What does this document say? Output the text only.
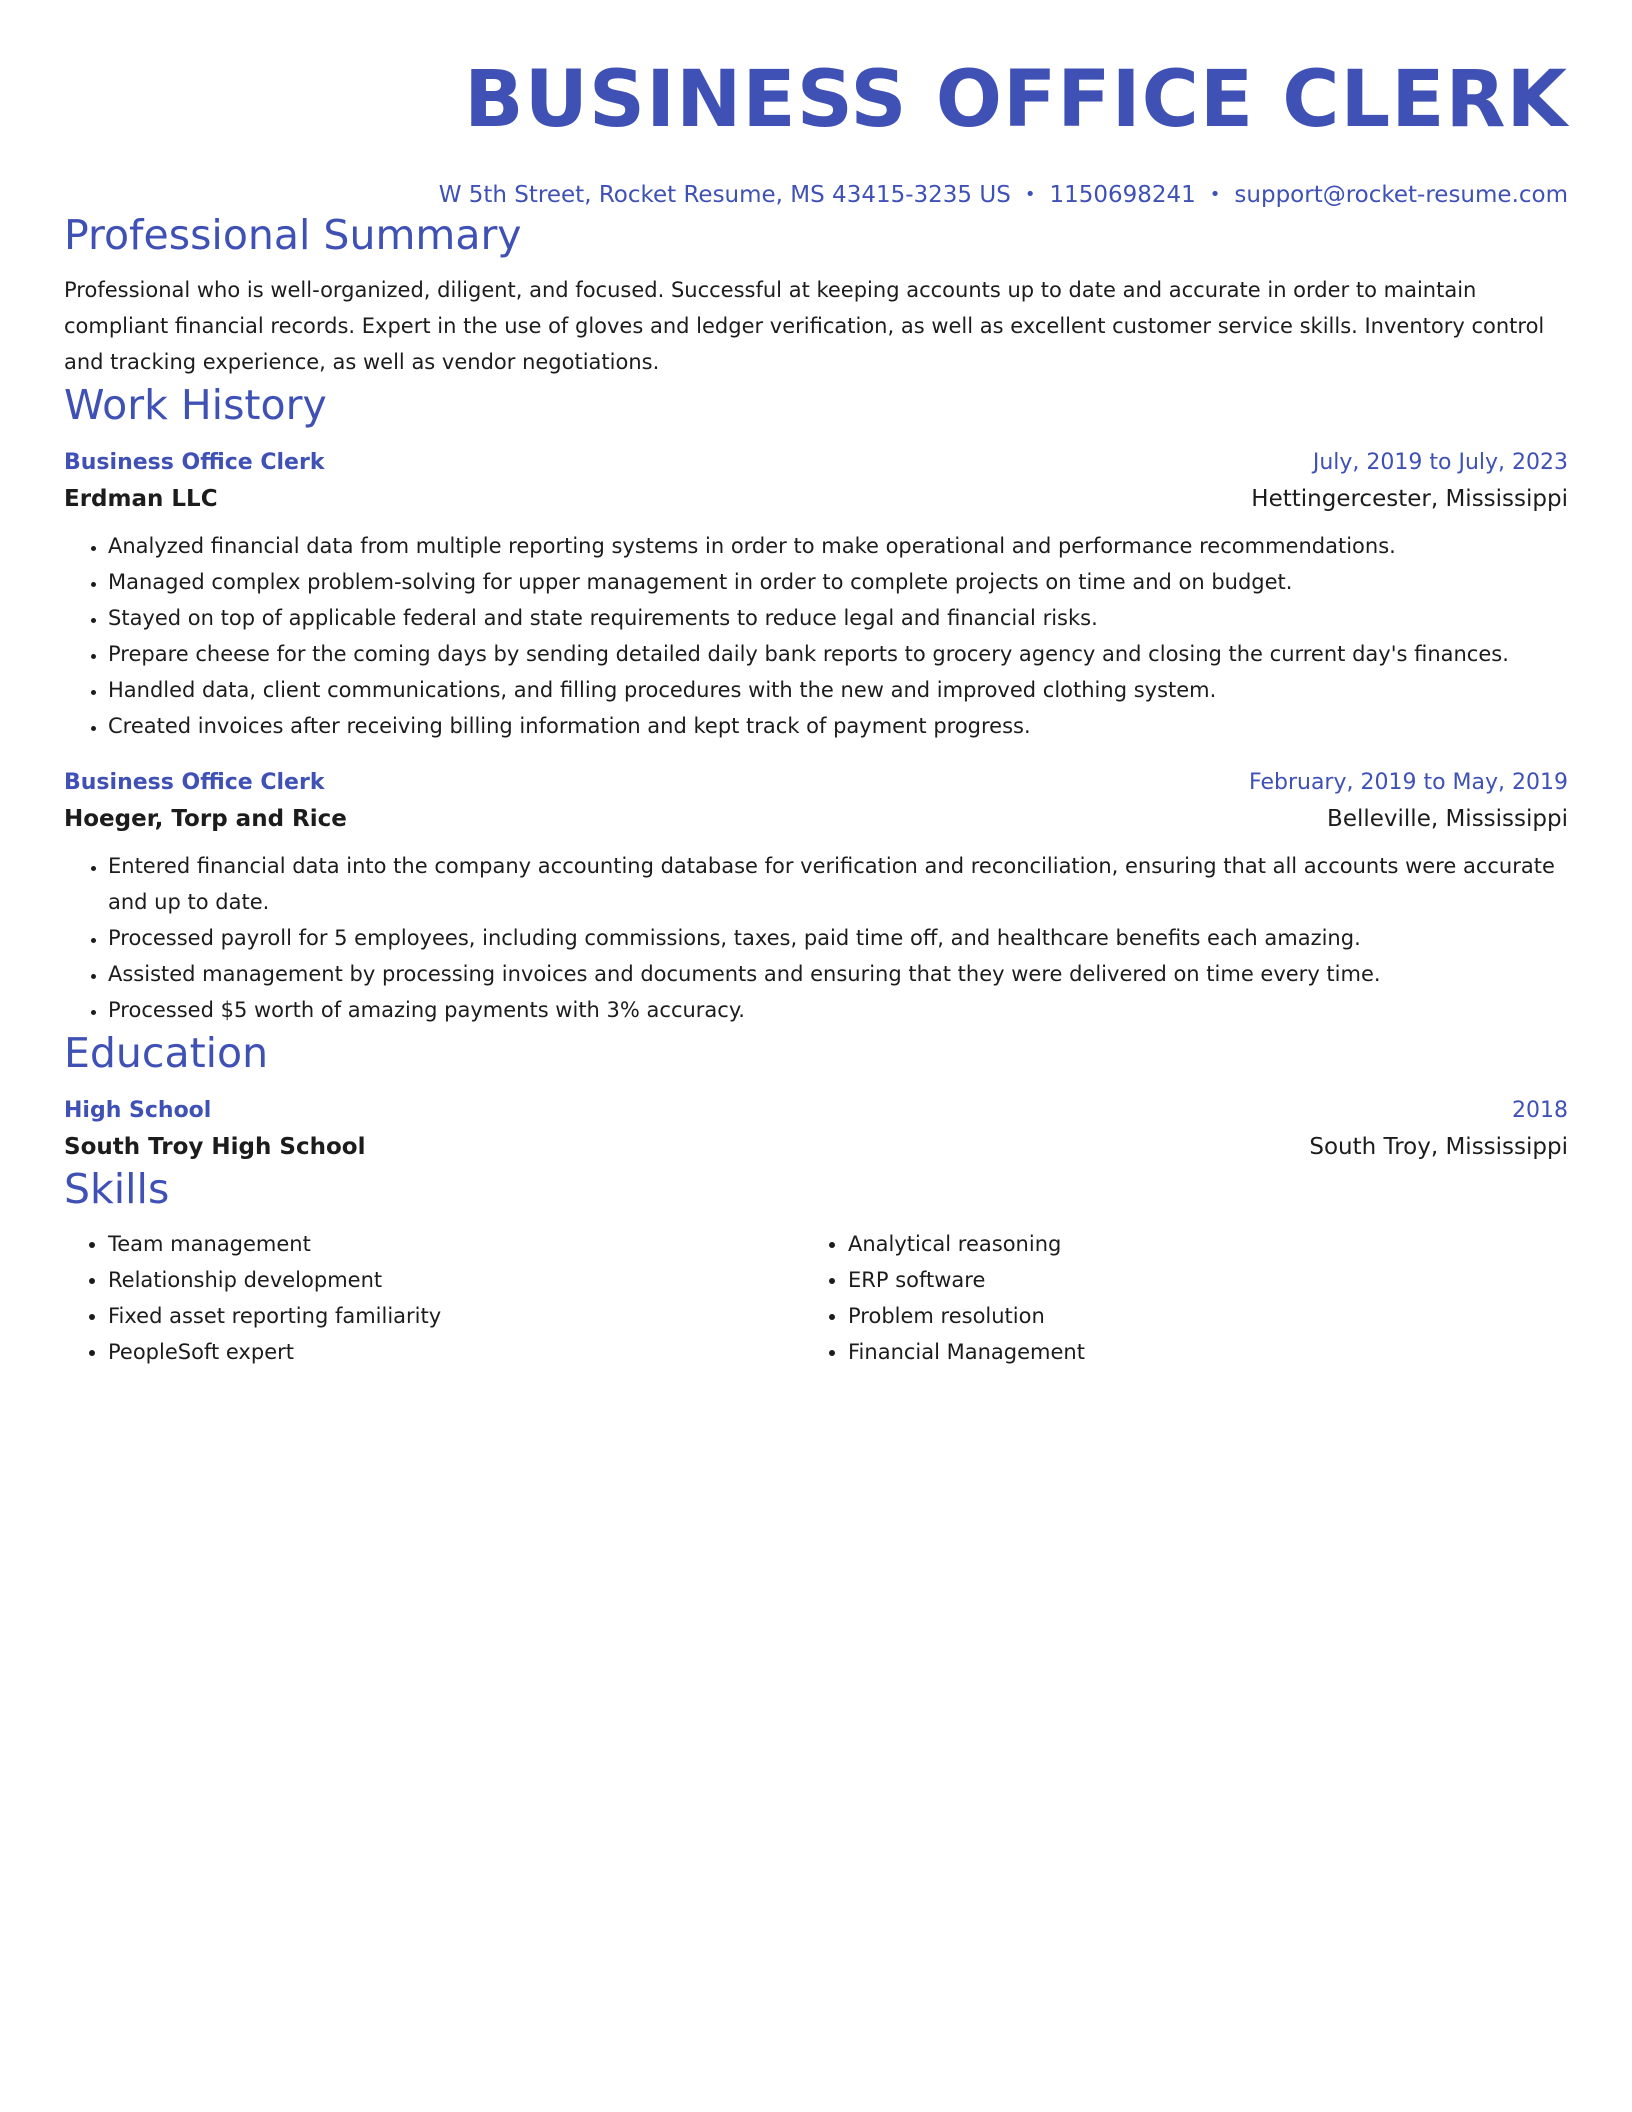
BUSINESS OFFICE CLERK
W 5th Street, Rocket Resume, MS 43415-3235 US • 1150698241 • support@rocket-resume.com
Professional Summary
Professional who is well-organized, diligent, and focused. Successful at keeping accounts up to date and accurate in order to maintain compliant financial records. Expert in the use of gloves and ledger verification, as well as excellent customer service skills. Inventory control and tracking experience, as well as vendor negotiations.
Work History
Business Office Clerk	July, 2019 to July, 2023
Erdman LLC	Hettingercester, Mississippi
• Analyzed financial data from multiple reporting systems in order to make operational and performance recommendations.
• Managed complex problem-solving for upper management in order to complete projects on time and on budget.
• Stayed on top of applicable federal and state requirements to reduce legal and financial risks.
• Prepare cheese for the coming days by sending detailed daily bank reports to grocery agency and closing the current day's finances.
• Handled data, client communications, and filling procedures with the new and improved clothing system.
• Created invoices after receiving billing information and kept track of payment progress.
Business Office Clerk	February, 2019 to May, 2019
Hoeger, Torp and Rice	Belleville, Mississippi
• Entered financial data into the company accounting database for verification and reconciliation, ensuring that all accounts were accurate and up to date.
• Processed payroll for 5 employees, including commissions, taxes, paid time off, and healthcare benefits each amazing.
• Assisted management by processing invoices and documents and ensuring that they were delivered on time every time.
• Processed $5 worth of amazing payments with 3% accuracy.
Education
High School	2018
South Troy High School	South Troy, Mississippi
Skills
• Team management
• Relationship development
• Fixed asset reporting familiarity
• PeopleSoft expert
• Analytical reasoning
• ERP software
• Problem resolution
• Financial Management
